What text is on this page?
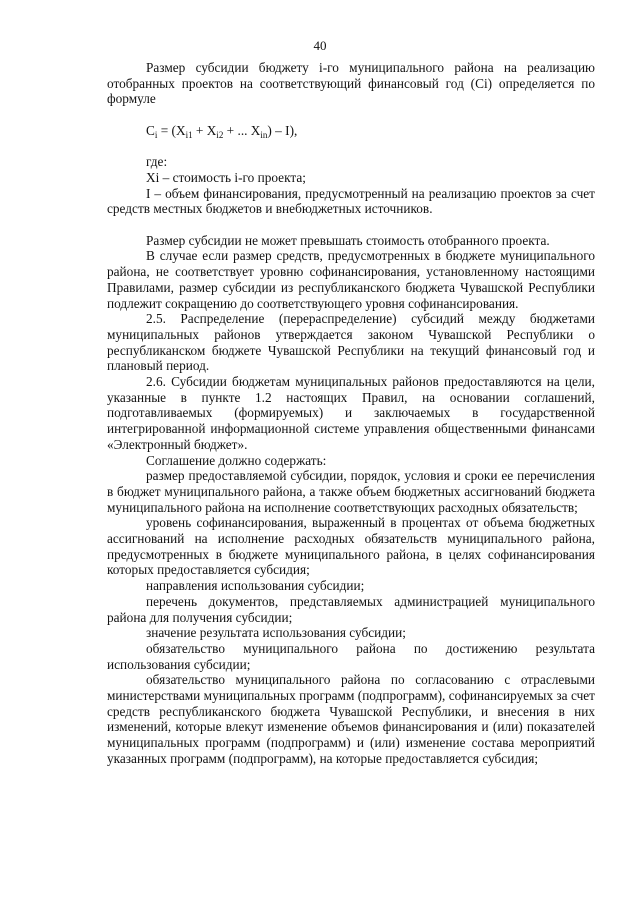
40

Размер субсидии бюджету i-го муниципального района на реализацию отобранных проектов на соответствующий финансовый год (Ci) определяется по формуле

$C_i = (X_{i1} + X_{i2}$ + ... $X_{in}) - I$),

где:

Xi – стоимость i-го проекта;

I – объем финансирования, предусмотренный на реализацию проектов за счет средств местных бюджетов и внебюджетных источников.

Размер субсидии не может превышать стоимость отобранного проекта.

В случае если размер средств, предусмотренных в бюджете муниципального района, не соответствует уровню софинансирования, установленному настоящими Правилами, размер субсидии из республиканского бюджета Чувашской Республики подлежит сокращению до соответствующего уровня софинансирования.

2.5. Распределение (перераспределение) субсидий между бюджетами муниципальных районов утверждается законом Чувашской Республики о республиканском бюджете Чувашской Республики на текущий финансовый год и плановый период.

2.6. Субсидии бюджетам муниципальных районов предоставляются на цели, указанные в пункте 1.2 настоящих Правил, на основании соглашений, подготавливаемых (формируемых) и заключаемых в государственной интегрированной информационной системе управления общественными финансами «Электронный бюджет».

Соглашение должно содержать:

размер предоставляемой субсидии, порядок, условия и сроки ее перечисления в бюджет муниципального района, а также объем бюджетных ассигнований бюджета муниципального района на исполнение соответствующих расходных обязательств;

уровень софинансирования, выраженный в процентах от объема бюджетных ассигнований на исполнение расходных обязательств муниципального района, предусмотренных в бюджете муниципального района, в целях софинансирования которых предоставляется субсидия;

направления использования субсидии;

перечень документов, представляемых администрацией муниципального района для получения субсидии;

значение результата использования субсидии;

обязательство муниципального района по достижению результата использования субсидии;

обязательство муниципального района по согласованию с отраслевыми министерствами муниципальных программ (подпрограмм), софинансируемых за счет средств республиканского бюджета Чувашской Республики, и внесения в них изменений, которые влекут изменение объемов финансирования и (или) показателей муниципальных программ (подпрограмм) и (или) изменение состава мероприятий указанных программ (подпрограмм), на которые предоставляется субсидия;
